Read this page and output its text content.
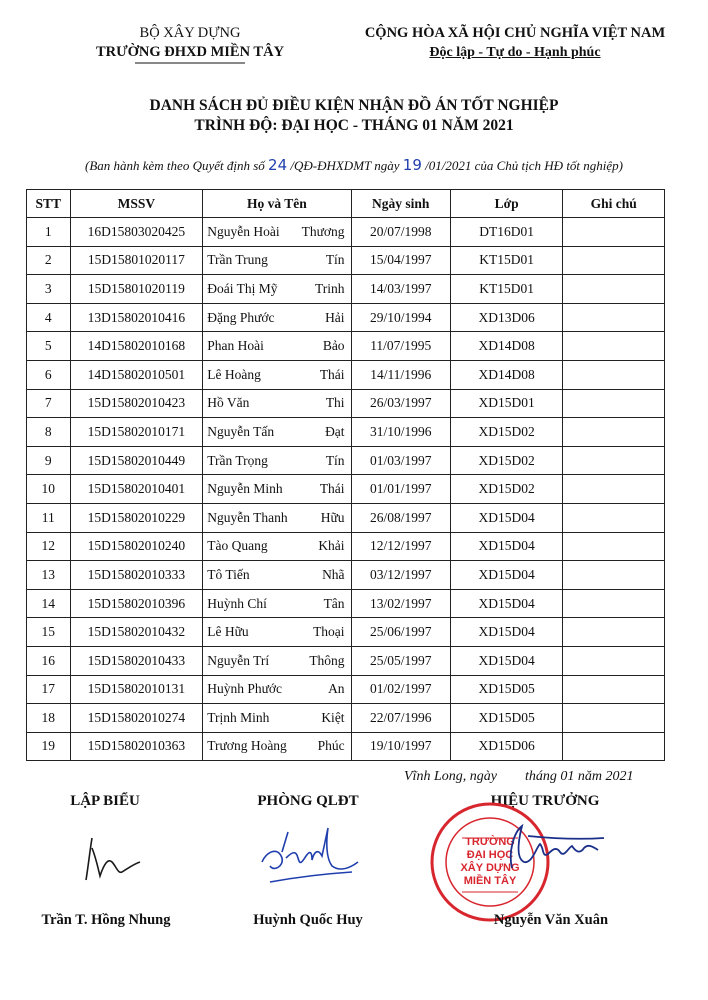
BỘ XÂY DỰNG
TRƯỜNG ĐHXD MIỀN TÂY
CỘNG HÒA XÃ HỘI CHỦ NGHĨA VIỆT NAM
Độc lập - Tự do - Hạnh phúc
DANH SÁCH ĐỦ ĐIỀU KIỆN NHẬN ĐỒ ÁN TỐT NGHIỆP
TRÌNH ĐỘ: ĐẠI HỌC - THÁNG 01 NĂM 2021
(Ban hành kèm theo Quyết định số 24 /QĐ-ĐHXDMT ngày 19 /01/2021 của Chủ tịch HĐ tốt nghiệp)
STT	MSSV	Họ và Tên	Ngày sinh	Lớp	Ghi chú
1	16D15803020425	Nguyễn Hoài Thương	20/07/1998	DT16D01	
2	15D15801020117	Trần Trung Tín	15/04/1997	KT15D01	
3	15D15801020119	Đoái Thị Mỹ Trinh	14/03/1997	KT15D01	
4	13D15802010416	Đặng Phước Hải	29/10/1994	XD13D06	
5	14D15802010168	Phan Hoài Bảo	11/07/1995	XD14D08	
6	14D15802010501	Lê Hoàng Thái	14/11/1996	XD14D08	
7	15D15802010423	Hồ Văn Thi	26/03/1997	XD15D01	
8	15D15802010171	Nguyễn Tấn Đạt	31/10/1996	XD15D02	
9	15D15802010449	Trần Trọng Tín	01/03/1997	XD15D02	
10	15D15802010401	Nguyễn Minh Thái	01/01/1997	XD15D02	
11	15D15802010229	Nguyễn Thanh Hữu	26/08/1997	XD15D04	
12	15D15802010240	Tào Quang Khải	12/12/1997	XD15D04	
13	15D15802010333	Tô Tiến Nhã	03/12/1997	XD15D04	
14	15D15802010396	Huỳnh Chí Tân	13/02/1997	XD15D04	
15	15D15802010432	Lê Hữu Thoại	25/06/1997	XD15D04	
16	15D15802010433	Nguyễn Trí Thông	25/05/1997	XD15D04	
17	15D15802010131	Huỳnh Phước An	01/02/1997	XD15D05	
18	15D15802010274	Trịnh Minh Kiệt	22/07/1996	XD15D05	
19	15D15802010363	Trương Hoàng Phúc	19/10/1997	XD15D06	
Vĩnh Long, ngày        tháng 01 năm 2021
LẬP BIỂU	PHÒNG QLĐT	HIỆU TRƯỞNG
TRƯỜNG
ĐẠI HỌC
XÂY DỰNG
MIỀN TÂY
Trần T. Hồng Nhung	Huỳnh Quốc Huy	Nguyễn Văn Xuân
